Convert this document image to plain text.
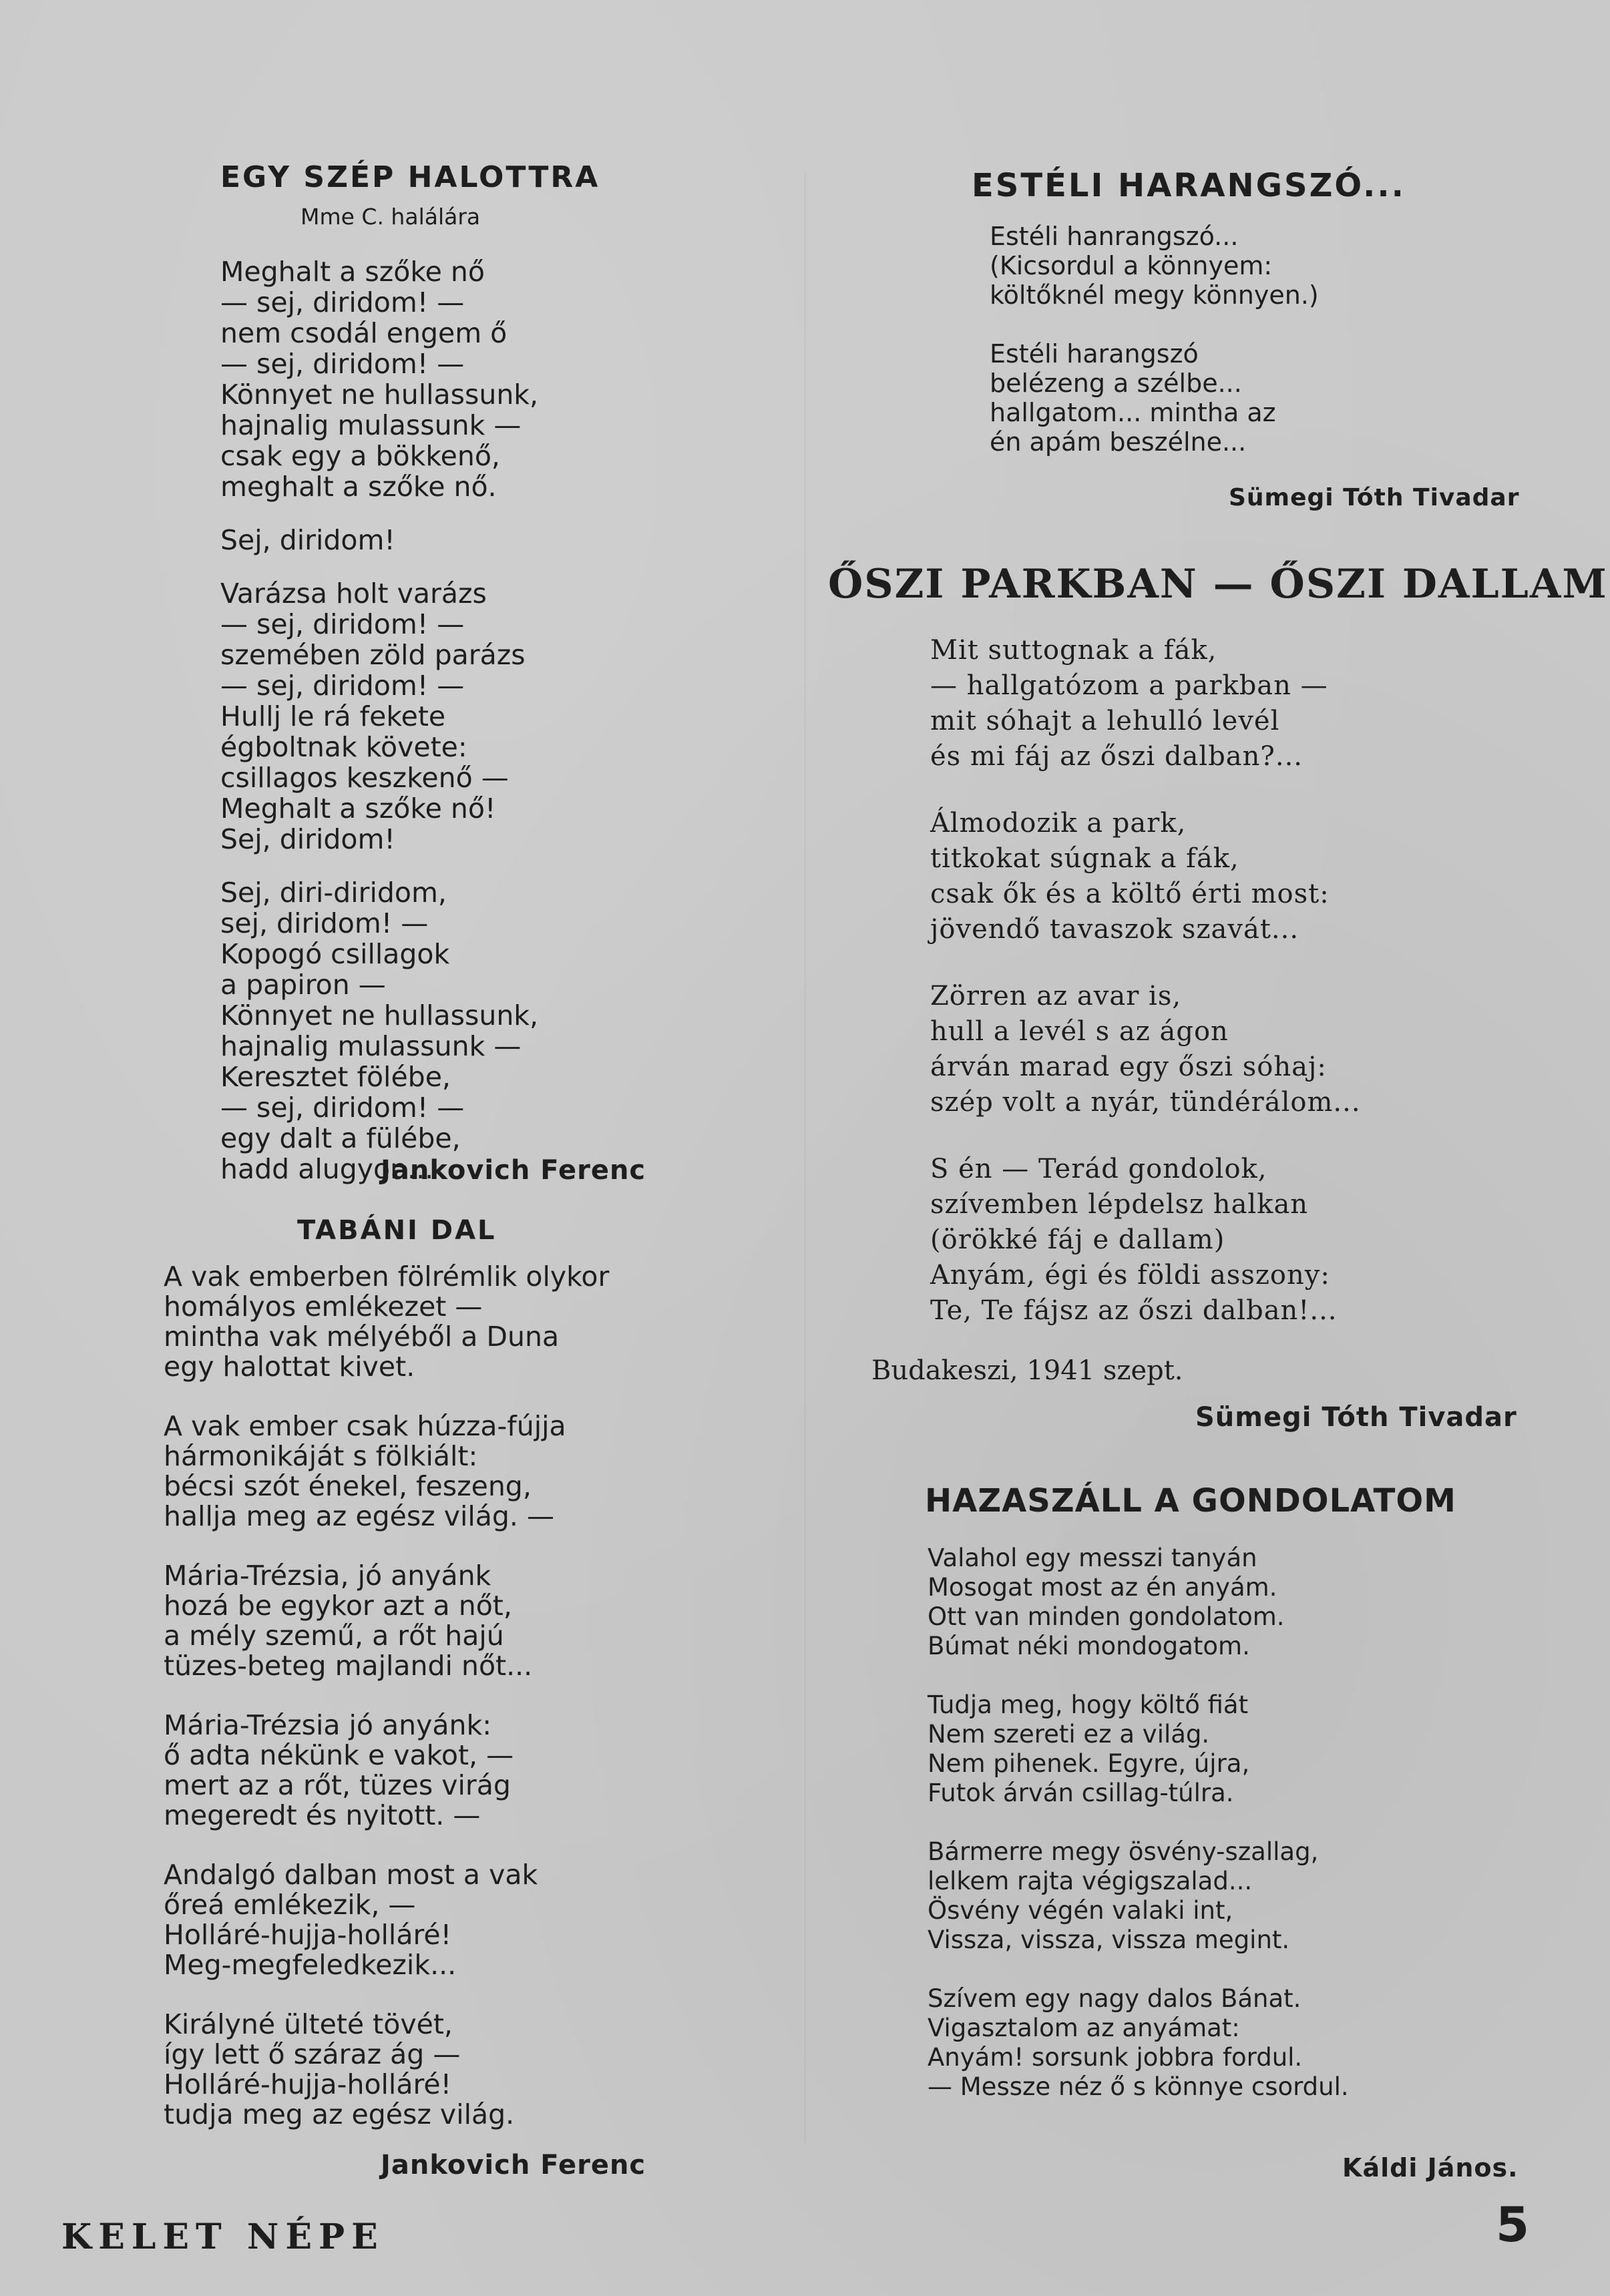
EGY SZÉP HALOTTRA
Mme C. halálára
Meghalt a szőke nő
— sej, diridom! —
nem csodál engem ő
— sej, diridom! —
Könnyet ne hullassunk,
hajnalig mulassunk —
csak egy a bökkenő,
meghalt a szőke nő.
Sej, diridom!
Varázsa holt varázs
— sej, diridom! —
szemében zöld parázs
— sej, diridom! —
Hullj le rá fekete
égboltnak követe:
csillagos keszkenő —
Meghalt a szőke nő!
Sej, diridom!
Sej, diri-diridom,
sej, diridom! —
Kopogó csillagok
a papiron —
Könnyet ne hullassunk,
hajnalig mulassunk —
Keresztet fölébe,
— sej, diridom! —
egy dalt a fülébe,
hadd alugyon...
Jankovich Ferenc
TABÁNI DAL
A vak emberben fölrémlik olykor
homályos emlékezet —
mintha vak mélyéből a Duna
egy halottat kivet.
A vak ember csak húzza-fújja
hármonikáját s fölkiált:
bécsi szót énekel, feszeng,
hallja meg az egész világ. —
Mária-Trézsia, jó anyánk
hozá be egykor azt a nőt,
a mély szemű, a rőt hajú
tüzes-beteg majlandi nőt...
Mária-Trézsia jó anyánk:
ő adta nékünk e vakot, —
mert az a rőt, tüzes virág
megeredt és nyitott. —
Andalgó dalban most a vak
őreá emlékezik, —
Holláré-hujja-holláré!
Meg-megfeledkezik...
Királyné ülteté tövét,
így lett ő száraz ág —
Holláré-hujja-holláré!
tudja meg az egész világ.
Jankovich Ferenc
ESTÉLI HARANGSZÓ...
Estéli hanrangszó...
(Kicsordul a könnyem:
költőknél megy könnyen.)
Estéli harangszó
belézeng a szélbe...
hallgatom... mintha az
én apám beszélne...
Sümegi Tóth Tivadar
ŐSZI PARKBAN — ŐSZI DALLAM
Mit suttognak a fák,
— hallgatózom a parkban —
mit sóhajt a lehulló levél
és mi fáj az őszi dalban?...
Álmodozik a park,
titkokat súgnak a fák,
csak ők és a költő érti most:
jövendő tavaszok szavát...
Zörren az avar is,
hull a levél s az ágon
árván marad egy őszi sóhaj:
szép volt a nyár, tündérálom...
S én — Terád gondolok,
szívemben lépdelsz halkan
(örökké fáj e dallam)
Anyám, égi és földi asszony:
Te, Te fájsz az őszi dalban!...
Budakeszi, 1941 szept.
Sümegi Tóth Tivadar
HAZASZÁLL A GONDOLATOM
Valahol egy messzi tanyán
Mosogat most az én anyám.
Ott van minden gondolatom.
Búmat néki mondogatom.
Tudja meg, hogy költő fiát
Nem szereti ez a világ.
Nem pihenek. Egyre, újra,
Futok árván csillag-túlra.
Bármerre megy ösvény-szallag,
lelkem rajta végigszalad...
Ösvény végén valaki int,
Vissza, vissza, vissza megint.
Szívem egy nagy dalos Bánat.
Vigasztalom az anyámat:
Anyám! sorsunk jobbra fordul.
— Messze néz ő s könnye csordul.
Káldi János.
KELET NÉPE	5
